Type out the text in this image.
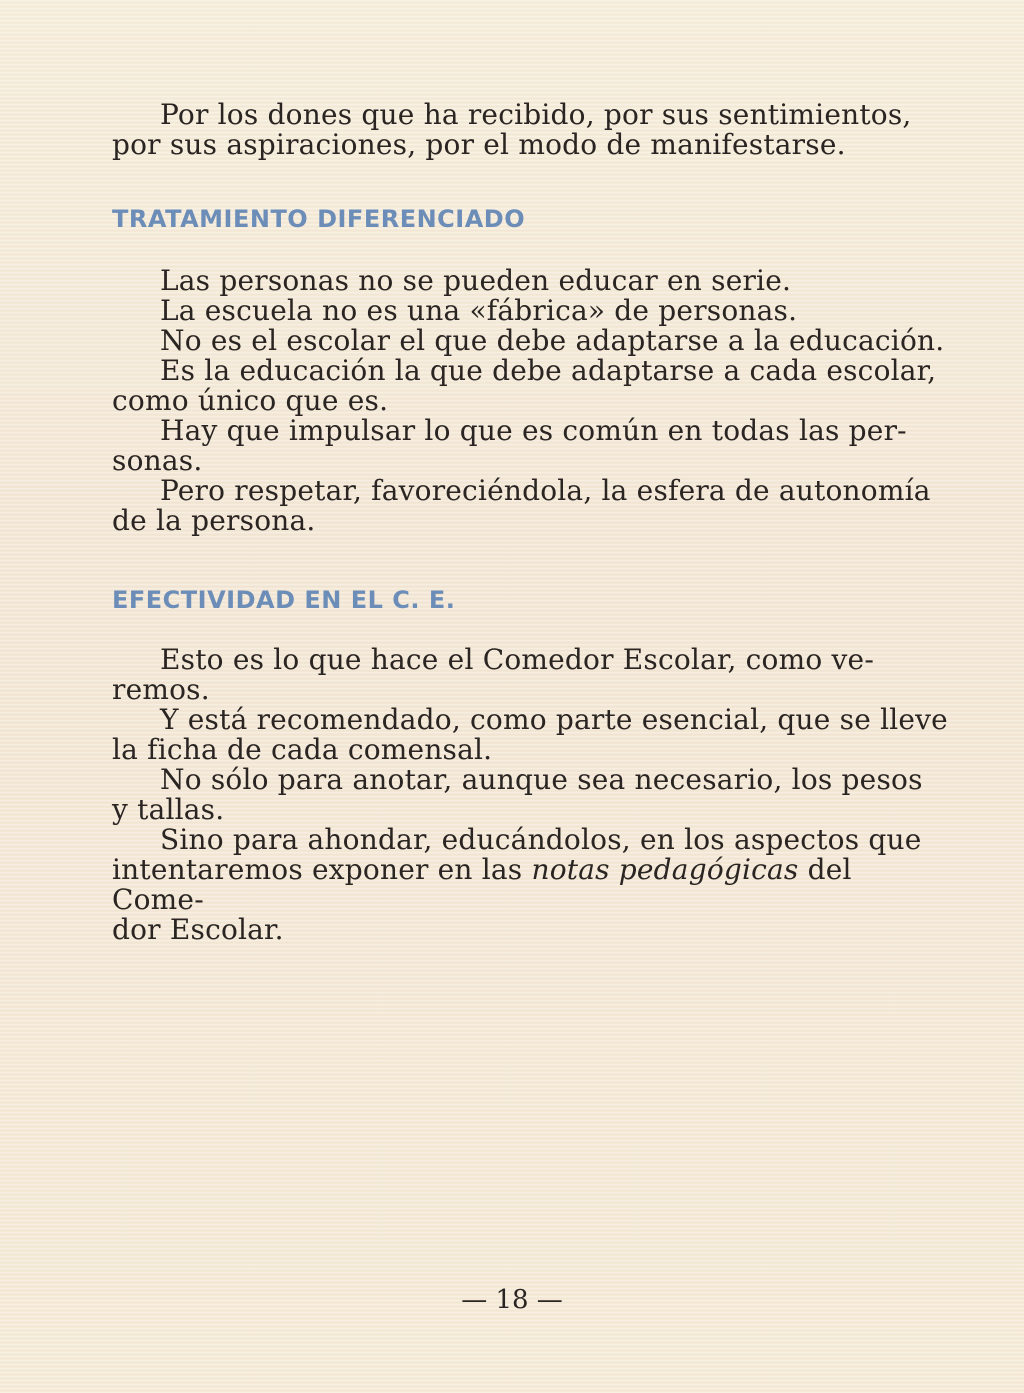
Por los dones que ha recibido, por sus sentimientos,
por sus aspiraciones, por el modo de manifestarse.

TRATAMIENTO DIFERENCIADO

Las personas no se pueden educar en serie.

La escuela no es una «fábrica» de personas.

No es el escolar el que debe adaptarse a la educación.

Es la educación la que debe adaptarse a cada escolar,
como único que es.

Hay que impulsar lo que es común en todas las per-
sonas.

Pero respetar, favoreciéndola, la esfera de autonomía
de la persona.

EFECTIVIDAD EN EL C. E.

Esto es lo que hace el Comedor Escolar, como ve-
remos.

Y está recomendado, como parte esencial, que se lleve
la ficha de cada comensal.

No sólo para anotar, aunque sea necesario, los pesos
y tallas.

Sino para ahondar, educándolos, en los aspectos que
intentaremos exponer en las notas pedagógicas del Come-
dor Escolar.

— 18 —
